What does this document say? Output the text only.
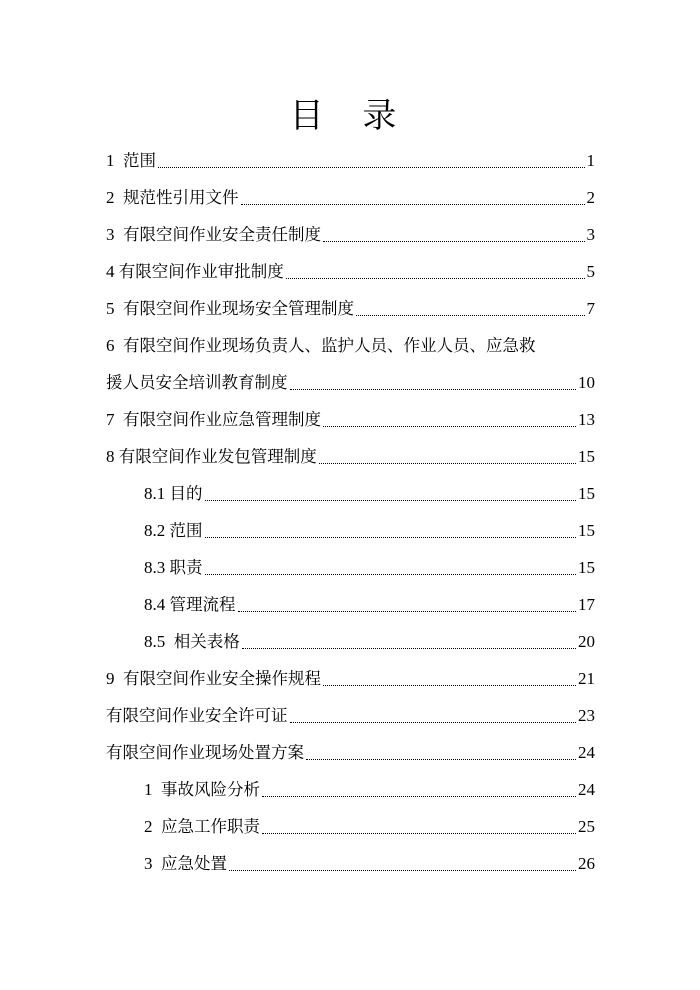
目 录
1 范围	1
2 规范性引用文件	2
3 有限空间作业安全责任制度	3
4 有限空间作业审批制度	5
5 有限空间作业现场安全管理制度	7
6 有限空间作业现场负责人、监护人员、作业人员、应急救
援人员安全培训教育制度	10
7 有限空间作业应急管理制度	13
8 有限空间作业发包管理制度	15
8.1 目的	15
8.2 范围	15
8.3 职责	15
8.4 管理流程	17
8.5 相关表格	20
9 有限空间作业安全操作规程	21
有限空间作业安全许可证	23
有限空间作业现场处置方案	24
1 事故风险分析	24
2 应急工作职责	25
3 应急处置	26
